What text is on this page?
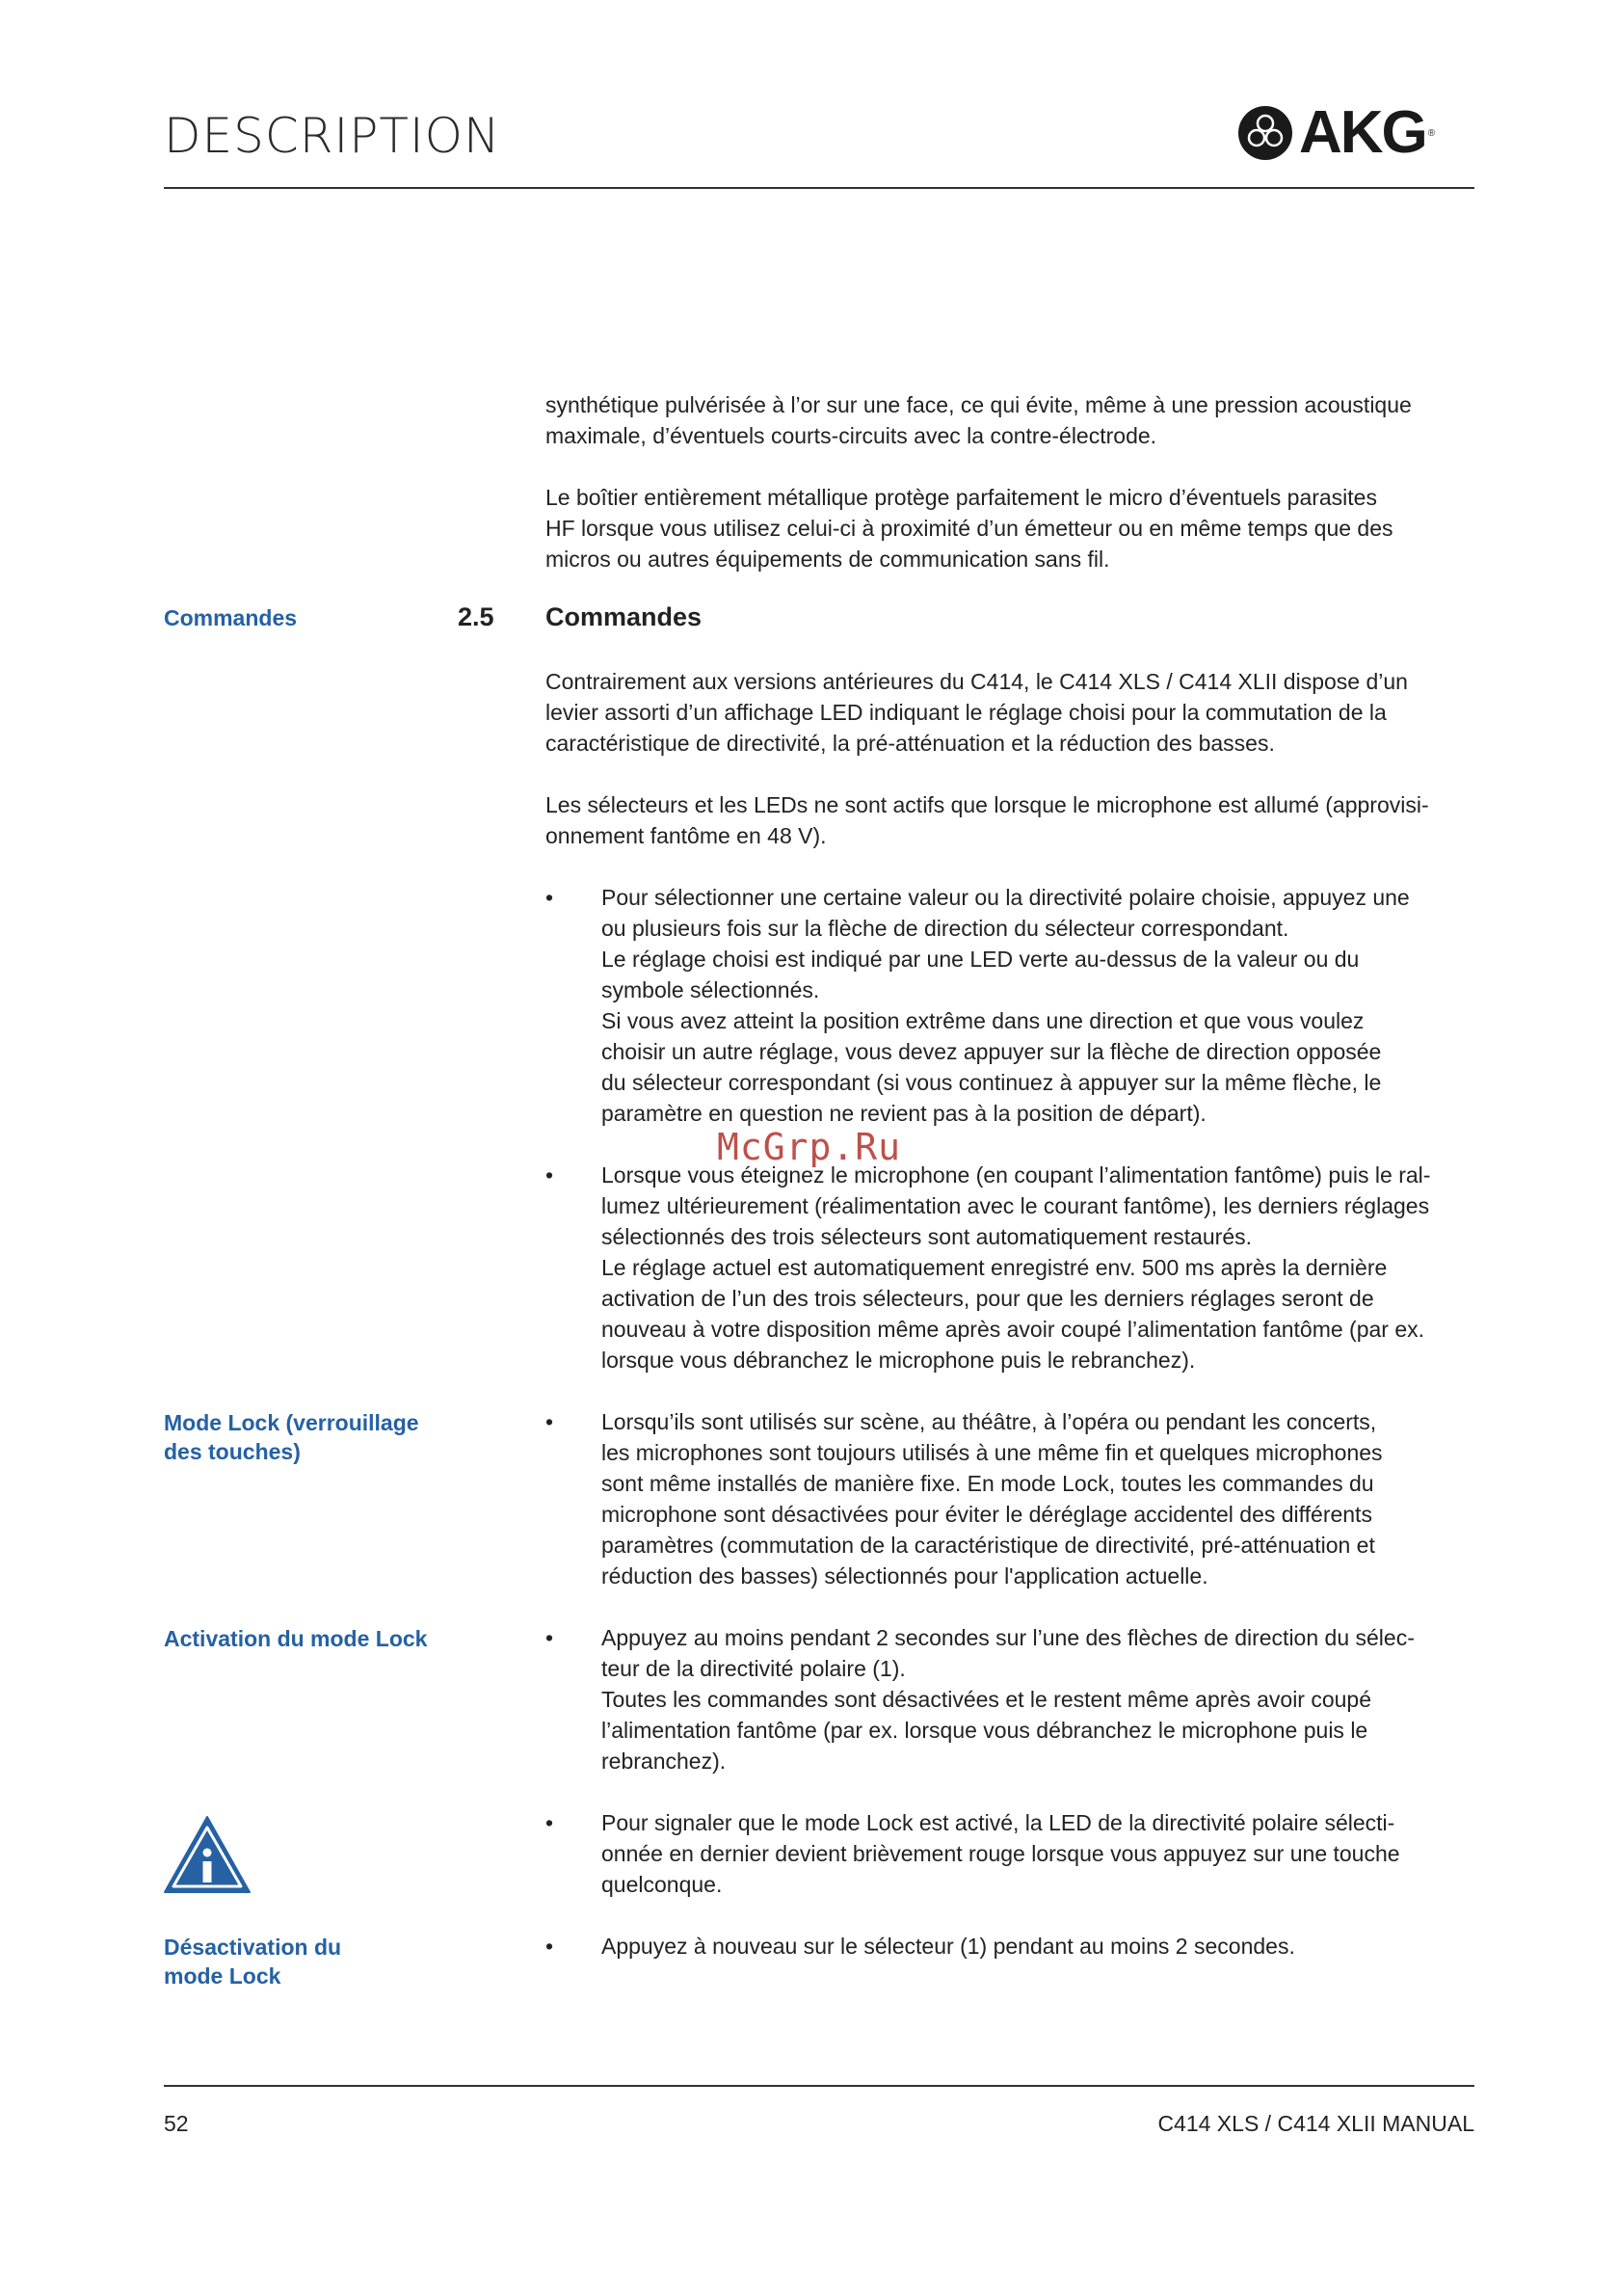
DESCRIPTION	AKG ®

synthétique pulvérisée à l’or sur une face, ce qui évite, même à une pression acoustique
maximale, d’éventuels courts-circuits avec la contre-électrode.

Le boîtier entièrement métallique protège parfaitement le micro d’éventuels parasites
HF lorsque vous utilisez celui-ci à proximité d’un émetteur ou en même temps que des
micros ou autres équipements de communication sans fil.

Commandes	2.5 Commandes

Contrairement aux versions antérieures du C414, le C414 XLS / C414 XLII dispose d’un
levier assorti d’un affichage LED indiquant le réglage choisi pour la commutation de la
caractéristique de directivité, la pré-atténuation et la réduction des basses.

Les sélecteurs et les LEDs ne sont actifs que lorsque le microphone est allumé (approvisi-
onnement fantôme en 48 V).

•	Pour sélectionner une certaine valeur ou la directivité polaire choisie, appuyez une
ou plusieurs fois sur la flèche de direction du sélecteur correspondant.
Le réglage choisi est indiqué par une LED verte au-dessus de la valeur ou du
symbole sélectionnés.
Si vous avez atteint la position extrême dans une direction et que vous voulez
choisir un autre réglage, vous devez appuyer sur la flèche de direction opposée
du sélecteur correspondant (si vous continuez à appuyer sur la même flèche, le
paramètre en question ne revient pas à la position de départ).
McGrp.Ru
•	Lorsque vous éteignez le microphone (en coupant l’alimentation fantôme) puis le ral-
lumez ultérieurement (réalimentation avec le courant fantôme), les derniers réglages
sélectionnés des trois sélecteurs sont automatiquement restaurés.
Le réglage actuel est automatiquement enregistré env. 500 ms après la dernière
activation de l’un des trois sélecteurs, pour que les derniers réglages seront de
nouveau à votre disposition même après avoir coupé l’alimentation fantôme (par ex.
lorsque vous débranchez le microphone puis le rebranchez).
Mode Lock (verrouillage
des touches)
•	Lorsqu’ils sont utilisés sur scène, au théâtre, à l’opéra ou pendant les concerts,
les microphones sont toujours utilisés à une même fin et quelques microphones
sont même installés de manière fixe. En mode Lock, toutes les commandes du
microphone sont désactivées pour éviter le déréglage accidentel des différents
paramètres (commutation de la caractéristique de directivité, pré-atténuation et
réduction des basses) sélectionnés pour l'application actuelle.
Activation du mode Lock	•	Appuyez au moins pendant 2 secondes sur l’une des flèches de direction du sélec-
teur de la directivité polaire (1).
Toutes les commandes sont désactivées et le restent même après avoir coupé
l’alimentation fantôme (par ex. lorsque vous débranchez le microphone puis le
rebranchez).
•	Pour signaler que le mode Lock est activé, la LED de la directivité polaire sélecti-
onnée en dernier devient brièvement rouge lorsque vous appuyez sur une touche
quelconque.
Désactivation du
mode Lock
•	Appuyez à nouveau sur le sélecteur (1) pendant au moins 2 secondes.
52	C414 XLS / C414 XLII MANUAL
